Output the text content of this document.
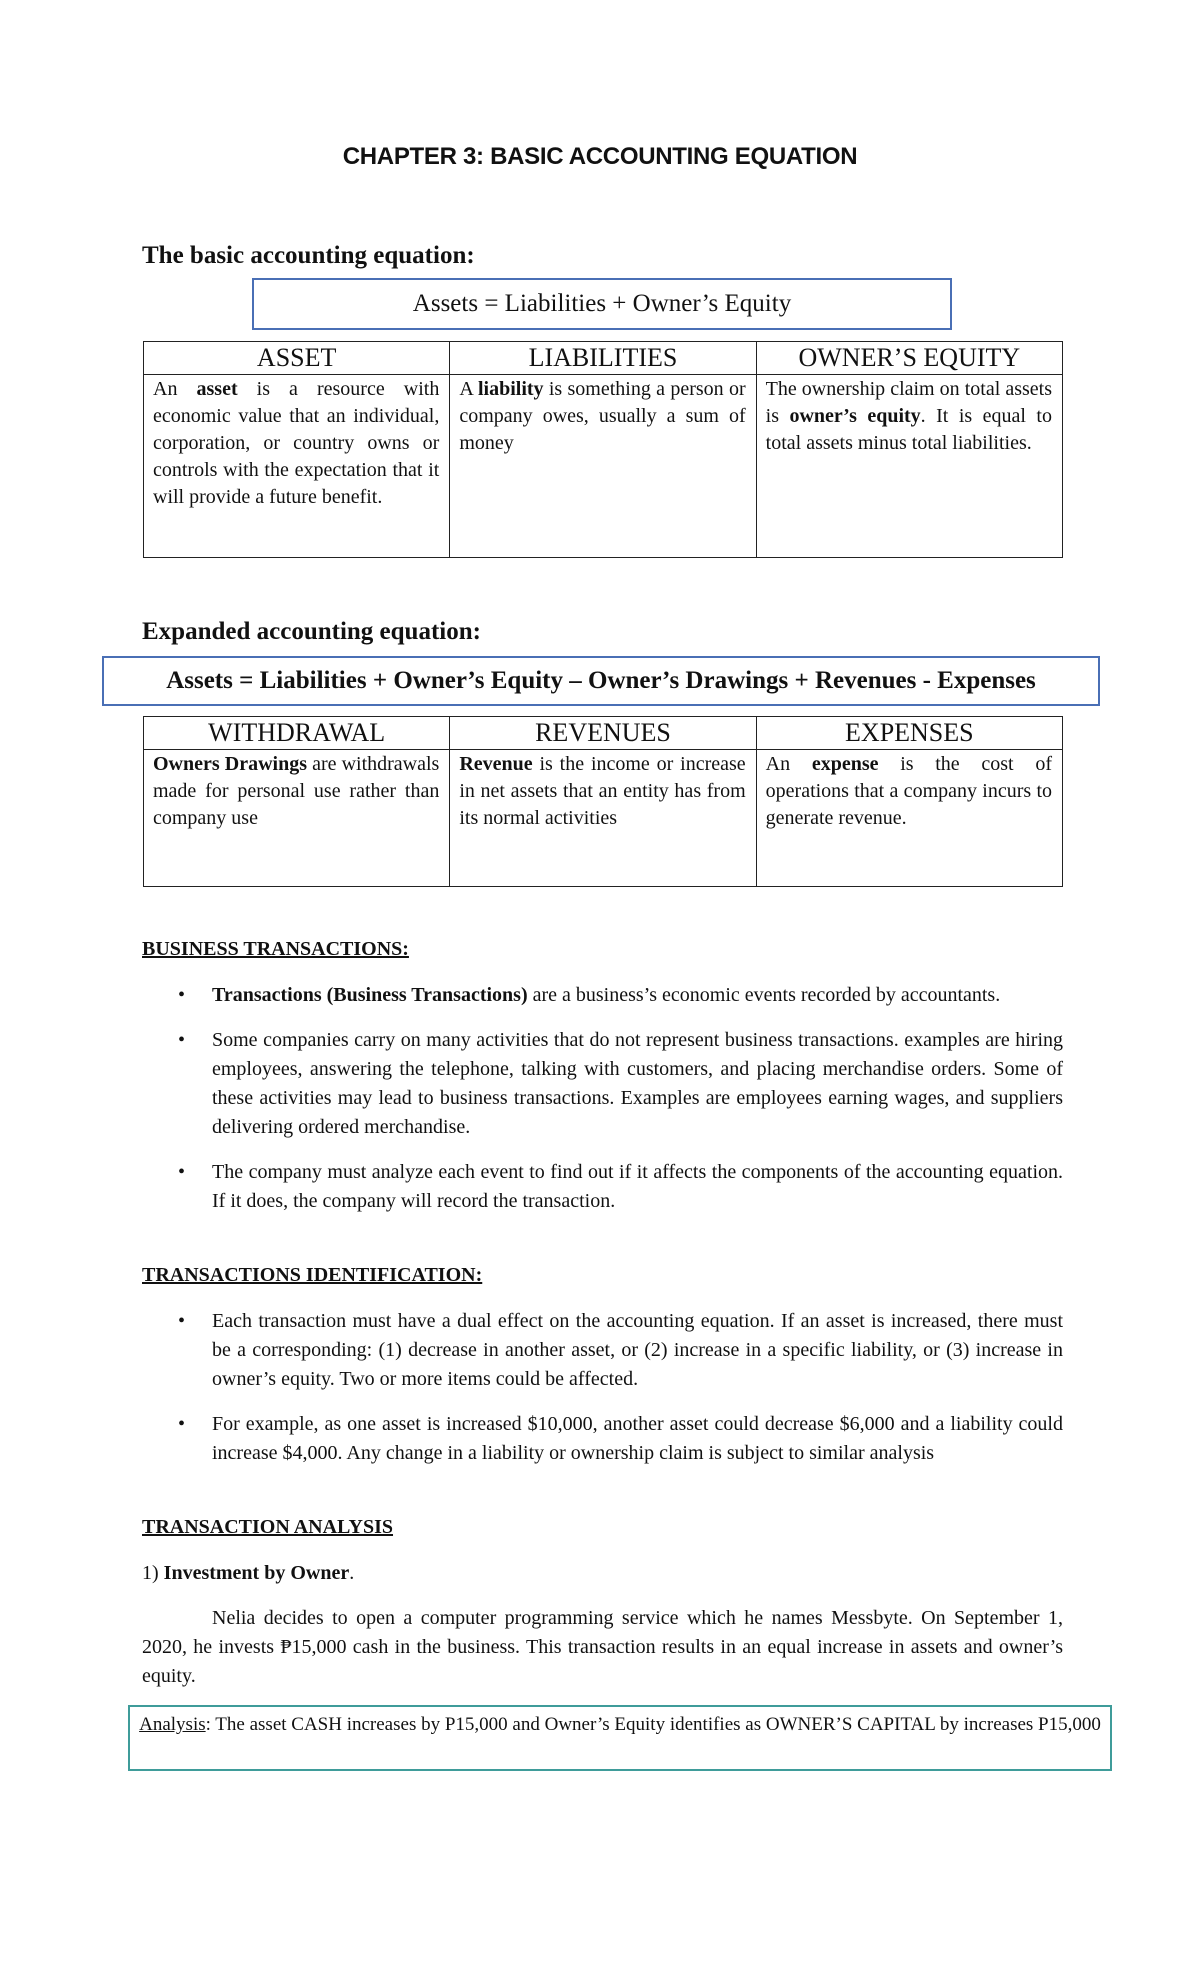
CHAPTER 3: BASIC ACCOUNTING EQUATION
The basic accounting equation:
Assets = Liabilities + Owner’s Equity
ASSET	LIABILITIES	OWNER’S EQUITY
An asset is a resource with economic value that an individual, corporation, or country owns or controls with the expectation that it will provide a future benefit.	A liability is something a person or company owes, usually a sum of money	The ownership claim on total assets is owner’s equity. It is equal to total assets minus total liabilities.
Expanded accounting equation:
Assets = Liabilities + Owner’s Equity – Owner’s Drawings + Revenues - Expenses
WITHDRAWAL	REVENUES	EXPENSES
Owners Drawings are withdrawals made for personal use rather than company use	Revenue is the income or increase in net assets that an entity has from its normal activities	An expense is the cost of operations that a company incurs to generate revenue.
BUSINESS TRANSACTIONS:
• Transactions (Business Transactions) are a business’s economic events recorded by accountants.
• Some companies carry on many activities that do not represent business transactions. examples are hiring employees, answering the telephone, talking with customers, and placing merchandise orders. Some of these activities may lead to business transactions. Examples are employees earning wages, and suppliers delivering ordered merchandise.
• The company must analyze each event to find out if it affects the components of the accounting equation. If it does, the company will record the transaction.
TRANSACTIONS IDENTIFICATION:
• Each transaction must have a dual effect on the accounting equation. If an asset is increased, there must be a corresponding: (1) decrease in another asset, or (2) increase in a specific liability, or (3) increase in owner’s equity. Two or more items could be affected.
• For example, as one asset is increased $10,000, another asset could decrease $6,000 and a liability could increase $4,000. Any change in a liability or ownership claim is subject to similar analysis
TRANSACTION ANALYSIS

1) Investment by Owner.

Nelia decides to open a computer programming service which he names Messbyte. On September 1, 2020, he invests ₱15,000 cash in the business. This transaction results in an equal increase in assets and owner’s equity.

Analysis: The asset CASH increases by P15,000 and Owner’s Equity identifies as OWNER’S CAPITAL by increases P15,000
